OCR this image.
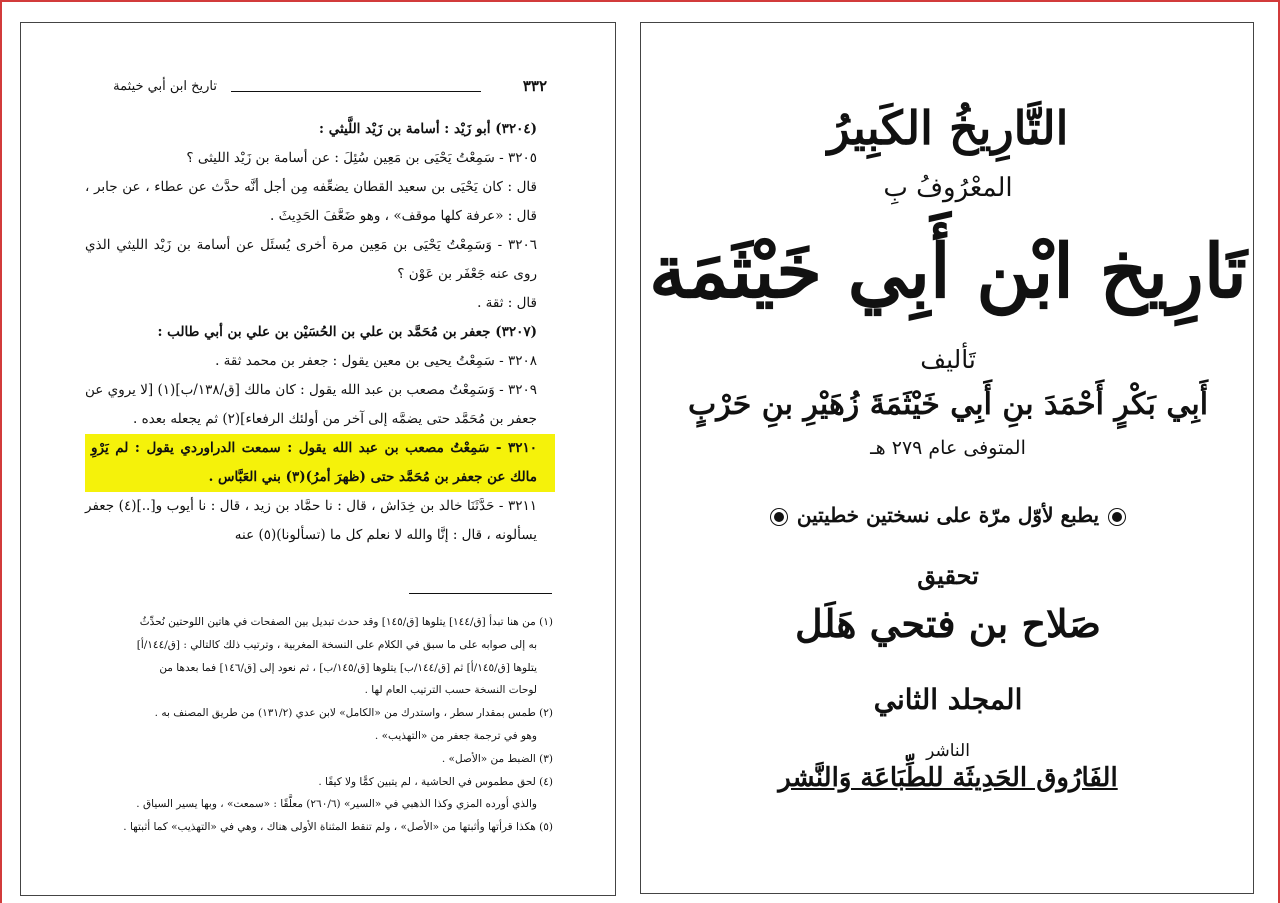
تاريخ ابن أبي خيثمة	٣٣٢

(٣٢٠٤) أبو زَيْد : أسامة بن زَيْد اللَّيثي :

٣٢٠٥ - سَمِعْتُ يَحْيَى بن مَعِين سُئِلَ : عن أسامة بن زَيْد الليثى ؟

قال : كان يَحْيَى بن سعيد القطان يضعِّفه مِن أجل أنَّه حدَّث عن عطاء ، عن جابر ، قال : «عرفة كلها موقف» ، وهو ضَعَّفَ الحَدِيثَ .

٣٢٠٦ - وَسَمِعْتُ يَحْيَى بن مَعِين مرة أخرى يُسئَل عن أسامة بن زَيْد الليثي الذي روى عنه جَعْفَر بن عَوْن ؟

قال : ثقة .

(٣٢٠٧) جعفر بن مُحَمَّد بن علي بن الحُسَيْن بن علي بن أبي طالب :

٣٢٠٨ - سَمِعْتُ يحيى بن معين يقول : جعفر بن محمد ثقة .

٣٢٠٩ - وَسَمِعْتُ مصعب بن عبد الله يقول : كان مالك [ق/١٣٨/ب](١) [لا يروي عن جعفر بن مُحَمَّد حتى يضمَّه إلى آخر من أولئك الرفعاء](٢) ثم يجعله بعده .

٣٢١٠ - سَمِعْتُ مصعب بن عبد الله يقول : سمعت الدراوردي يقول : لم يَرْوِ مالك عن جعفر بن مُحَمَّد حتى (ظهرَ أمرُ)(٣) بني العَبَّاس .

٣٢١١ - حَدَّثَنَا خالد بن خِدَاش ، قال : نا حمَّاد بن زيد ، قال : نا أيوب و[..](٤) جعفر يسألونه ، قال : إنَّا والله لا نعلم كل ما (تسألونا)(٥) عنه

(١) من هنا تبدأ [ق/١٤٤] يتلوها [ق/١٤٥] وقد حدث تبديل بين الصفحات في هاتين اللوحتين نُحدِّثُ

به إلى صوابه على ما سبق في الكلام على النسخة المغربية ، وترتيب ذلك كالتالي : [ق/١٤٤/أ]

يتلوها [ق/١٤٥/أ] ثم [ق/١٤٤/ب] يتلوها [ق/١٤٥/ب] ، ثم نعود إلى [ق/١٤٦] فما بعدها من

لوحات النسخة حسب الترتيب العام لها .

(٢) طمس بمقدار سطر ، واستدرك من «الكامل» لابن عدي (١٣١/٢) من طريق المصنف به .

وهو في ترجمة جعفر من «التهذيب» .

(٣) الضبط من «الأصل» .

(٤) لحق مطموس في الحاشية ، لم يتبين كمًّا ولا كيفًا .

والذي أورده المزي وكذا الذهبي في «السير» (٢٦٠/٦) معلَّقًا : «سمعت» ، وبها يسير السياق .

(٥) هكذا قرأتها وأثبتها من «الأصل» ، ولم تنقط المثناة الأولى هناك ، وهي في «التهذيب» كما أثبتها .

التَّارِيخُ الكَبِيرُ
المعْرُوفُ بِ
تَارِيخ ابْن أَبِي خَيْثَمَة
تَأليف
أَبِي بَكْرٍ أَحْمَدَ بنِ أَبِي خَيْثَمَةَ زُهَيْرِ بنِ حَرْبٍ
المتوفى عام ٢٧٩ هـ
يطبع لأوّل مرّة على نسختين خطيتين
تحقيق
صَلاح بن فتحي هَلَل
المجلد الثاني
الناشر
الفَارُوق الحَدِيثَة للطِّبَاعَة وَالنَّشر
